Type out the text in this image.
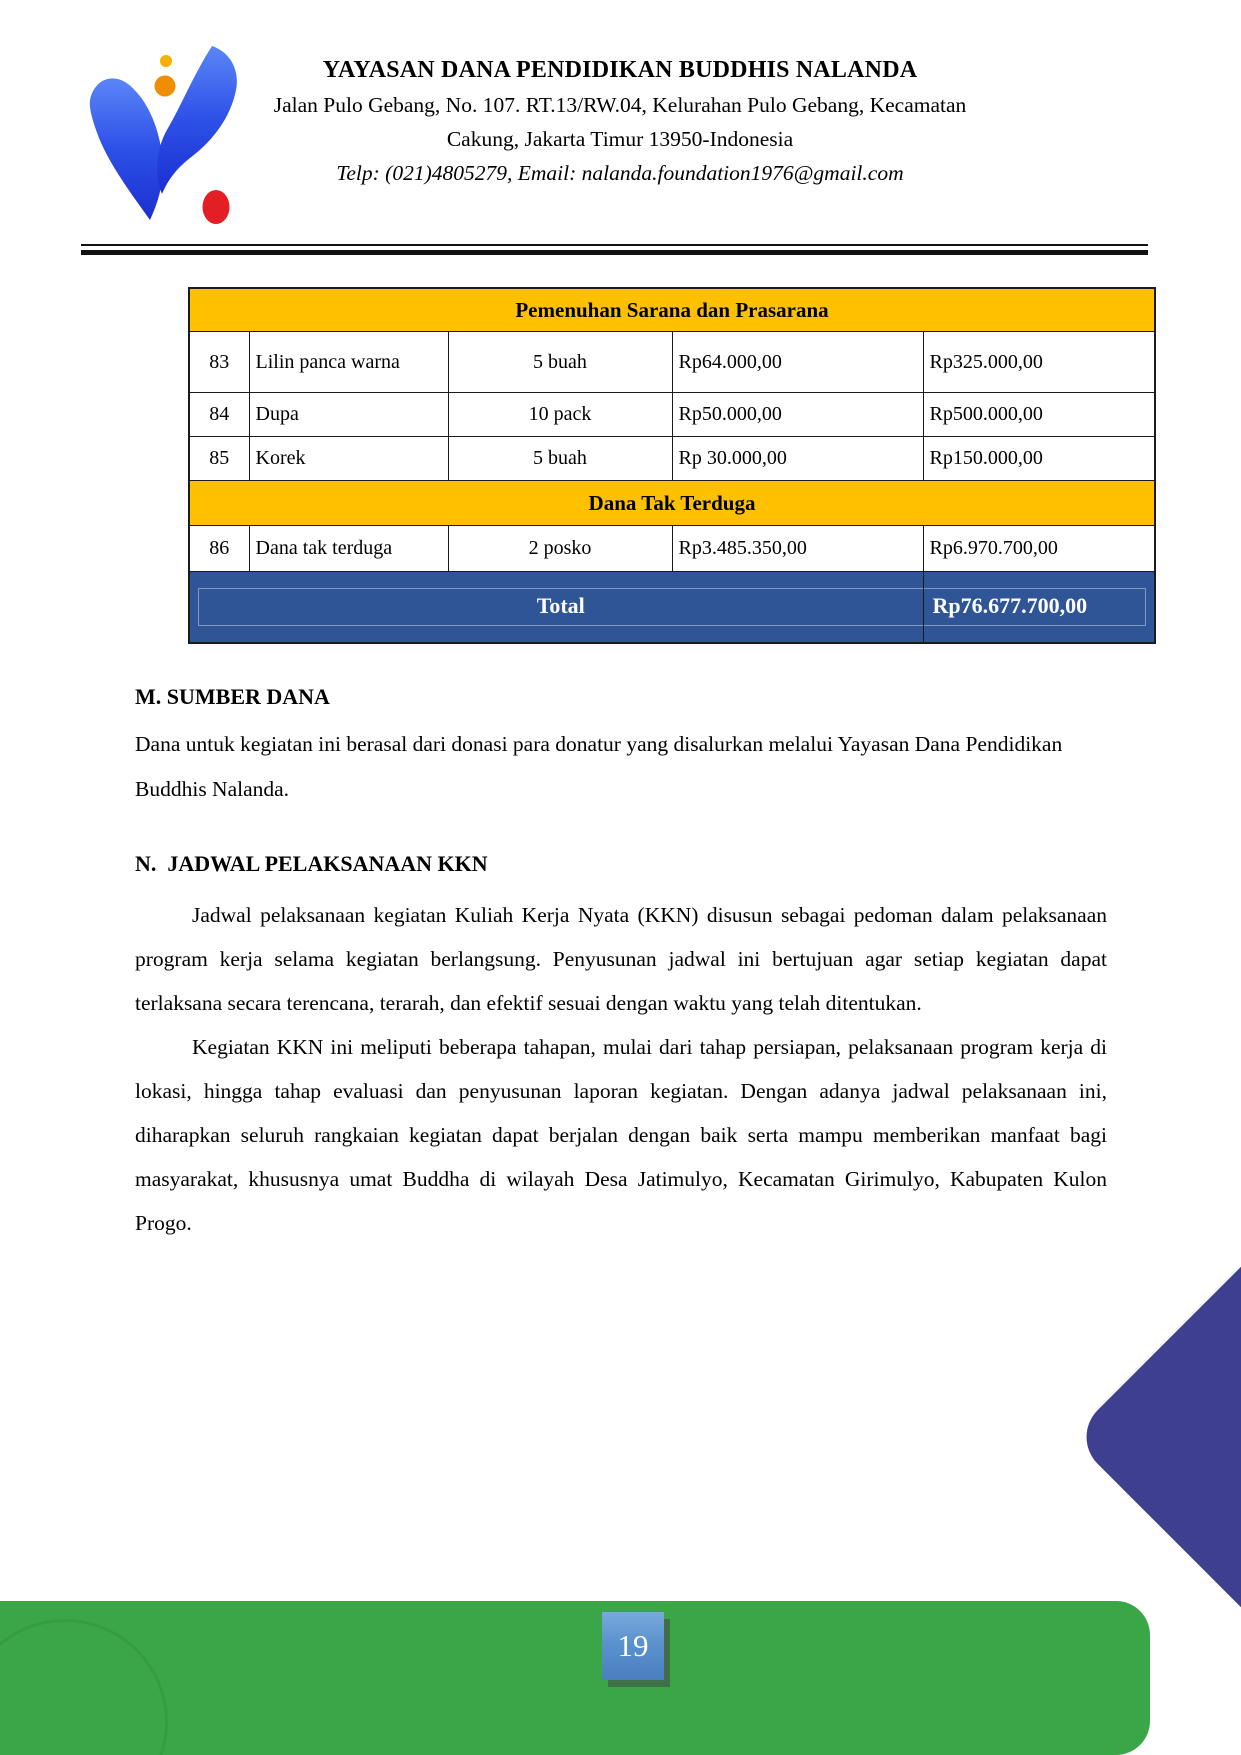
YAYASAN DANA PENDIDIKAN BUDDHIS NALANDA
Jalan Pulo Gebang, No. 107. RT.13/RW.04, Kelurahan Pulo Gebang, Kecamatan
Cakung, Jakarta Timur 13950-Indonesia
Telp: (021)4805279, Email: nalanda.foundation1976@gmail.com
Pemenuhan Sarana dan Prasarana				
83	Lilin panca warna	5 buah	Rp64.000,00	Rp325.000,00
84	Dupa	10 pack	Rp50.000,00	Rp500.000,00
85	Korek	5 buah	Rp 30.000,00	Rp150.000,00
Dana Tak Terduga				
86	Dana tak terduga	2 posko	Rp3.485.350,00	Rp6.970.700,00

Total				Rp76.677.700,00
M. SUMBER DANA
Dana untuk kegiatan ini berasal dari donasi para donatur yang disalurkan melalui Yayasan Dana Pendidikan Buddhis Nalanda.
N.  JADWAL PELAKSANAAN KKN

Jadwal pelaksanaan kegiatan Kuliah Kerja Nyata (KKN) disusun sebagai pedoman dalam pelaksanaan program kerja selama kegiatan berlangsung. Penyusunan jadwal ini bertujuan agar setiap kegiatan dapat terlaksana secara terencana, terarah, dan efektif sesuai dengan waktu yang telah ditentukan.

Kegiatan KKN ini meliputi beberapa tahapan, mulai dari tahap persiapan, pelaksanaan program kerja di lokasi, hingga tahap evaluasi dan penyusunan laporan kegiatan. Dengan adanya jadwal pelaksanaan ini, diharapkan seluruh rangkaian kegiatan dapat berjalan dengan baik serta mampu memberikan manfaat bagi masyarakat, khususnya umat Buddha di wilayah Desa Jatimulyo, Kecamatan Girimulyo, Kabupaten Kulon Progo.

19
